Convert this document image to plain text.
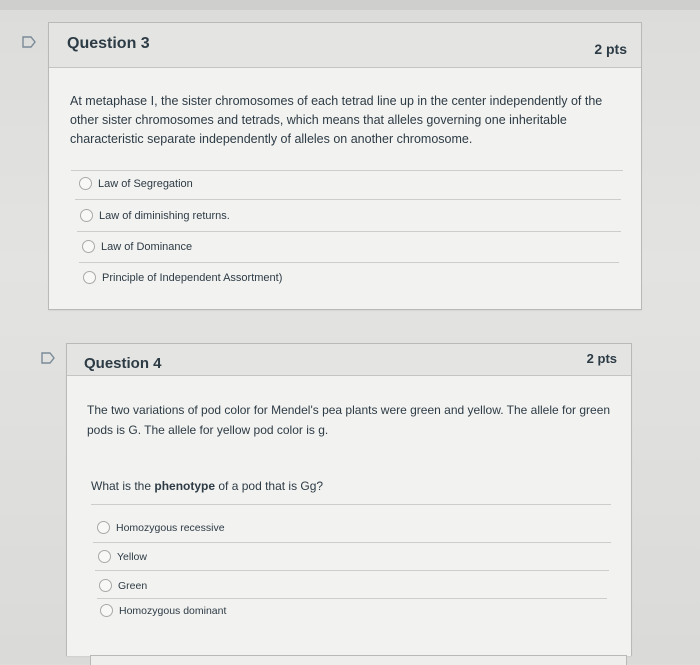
Question 3	2 pts
At metaphase I, the sister chromosomes of each tetrad line up in the center independently of the other sister chromosomes and tetrads, which means that alleles governing one inheritable characteristic separate independently of alleles on another chromosome.
Law of Segregation
Law of diminishing returns.
Law of Dominance
Principle of Independent Assortment)
Question 4	2 pts
The two variations of pod color for Mendel's pea plants were green and yellow. The allele for green pods is G. The allele for yellow pod color is g.
What is the phenotype of a pod that is Gg?
Homozygous recessive
Yellow
Green
Homozygous dominant
